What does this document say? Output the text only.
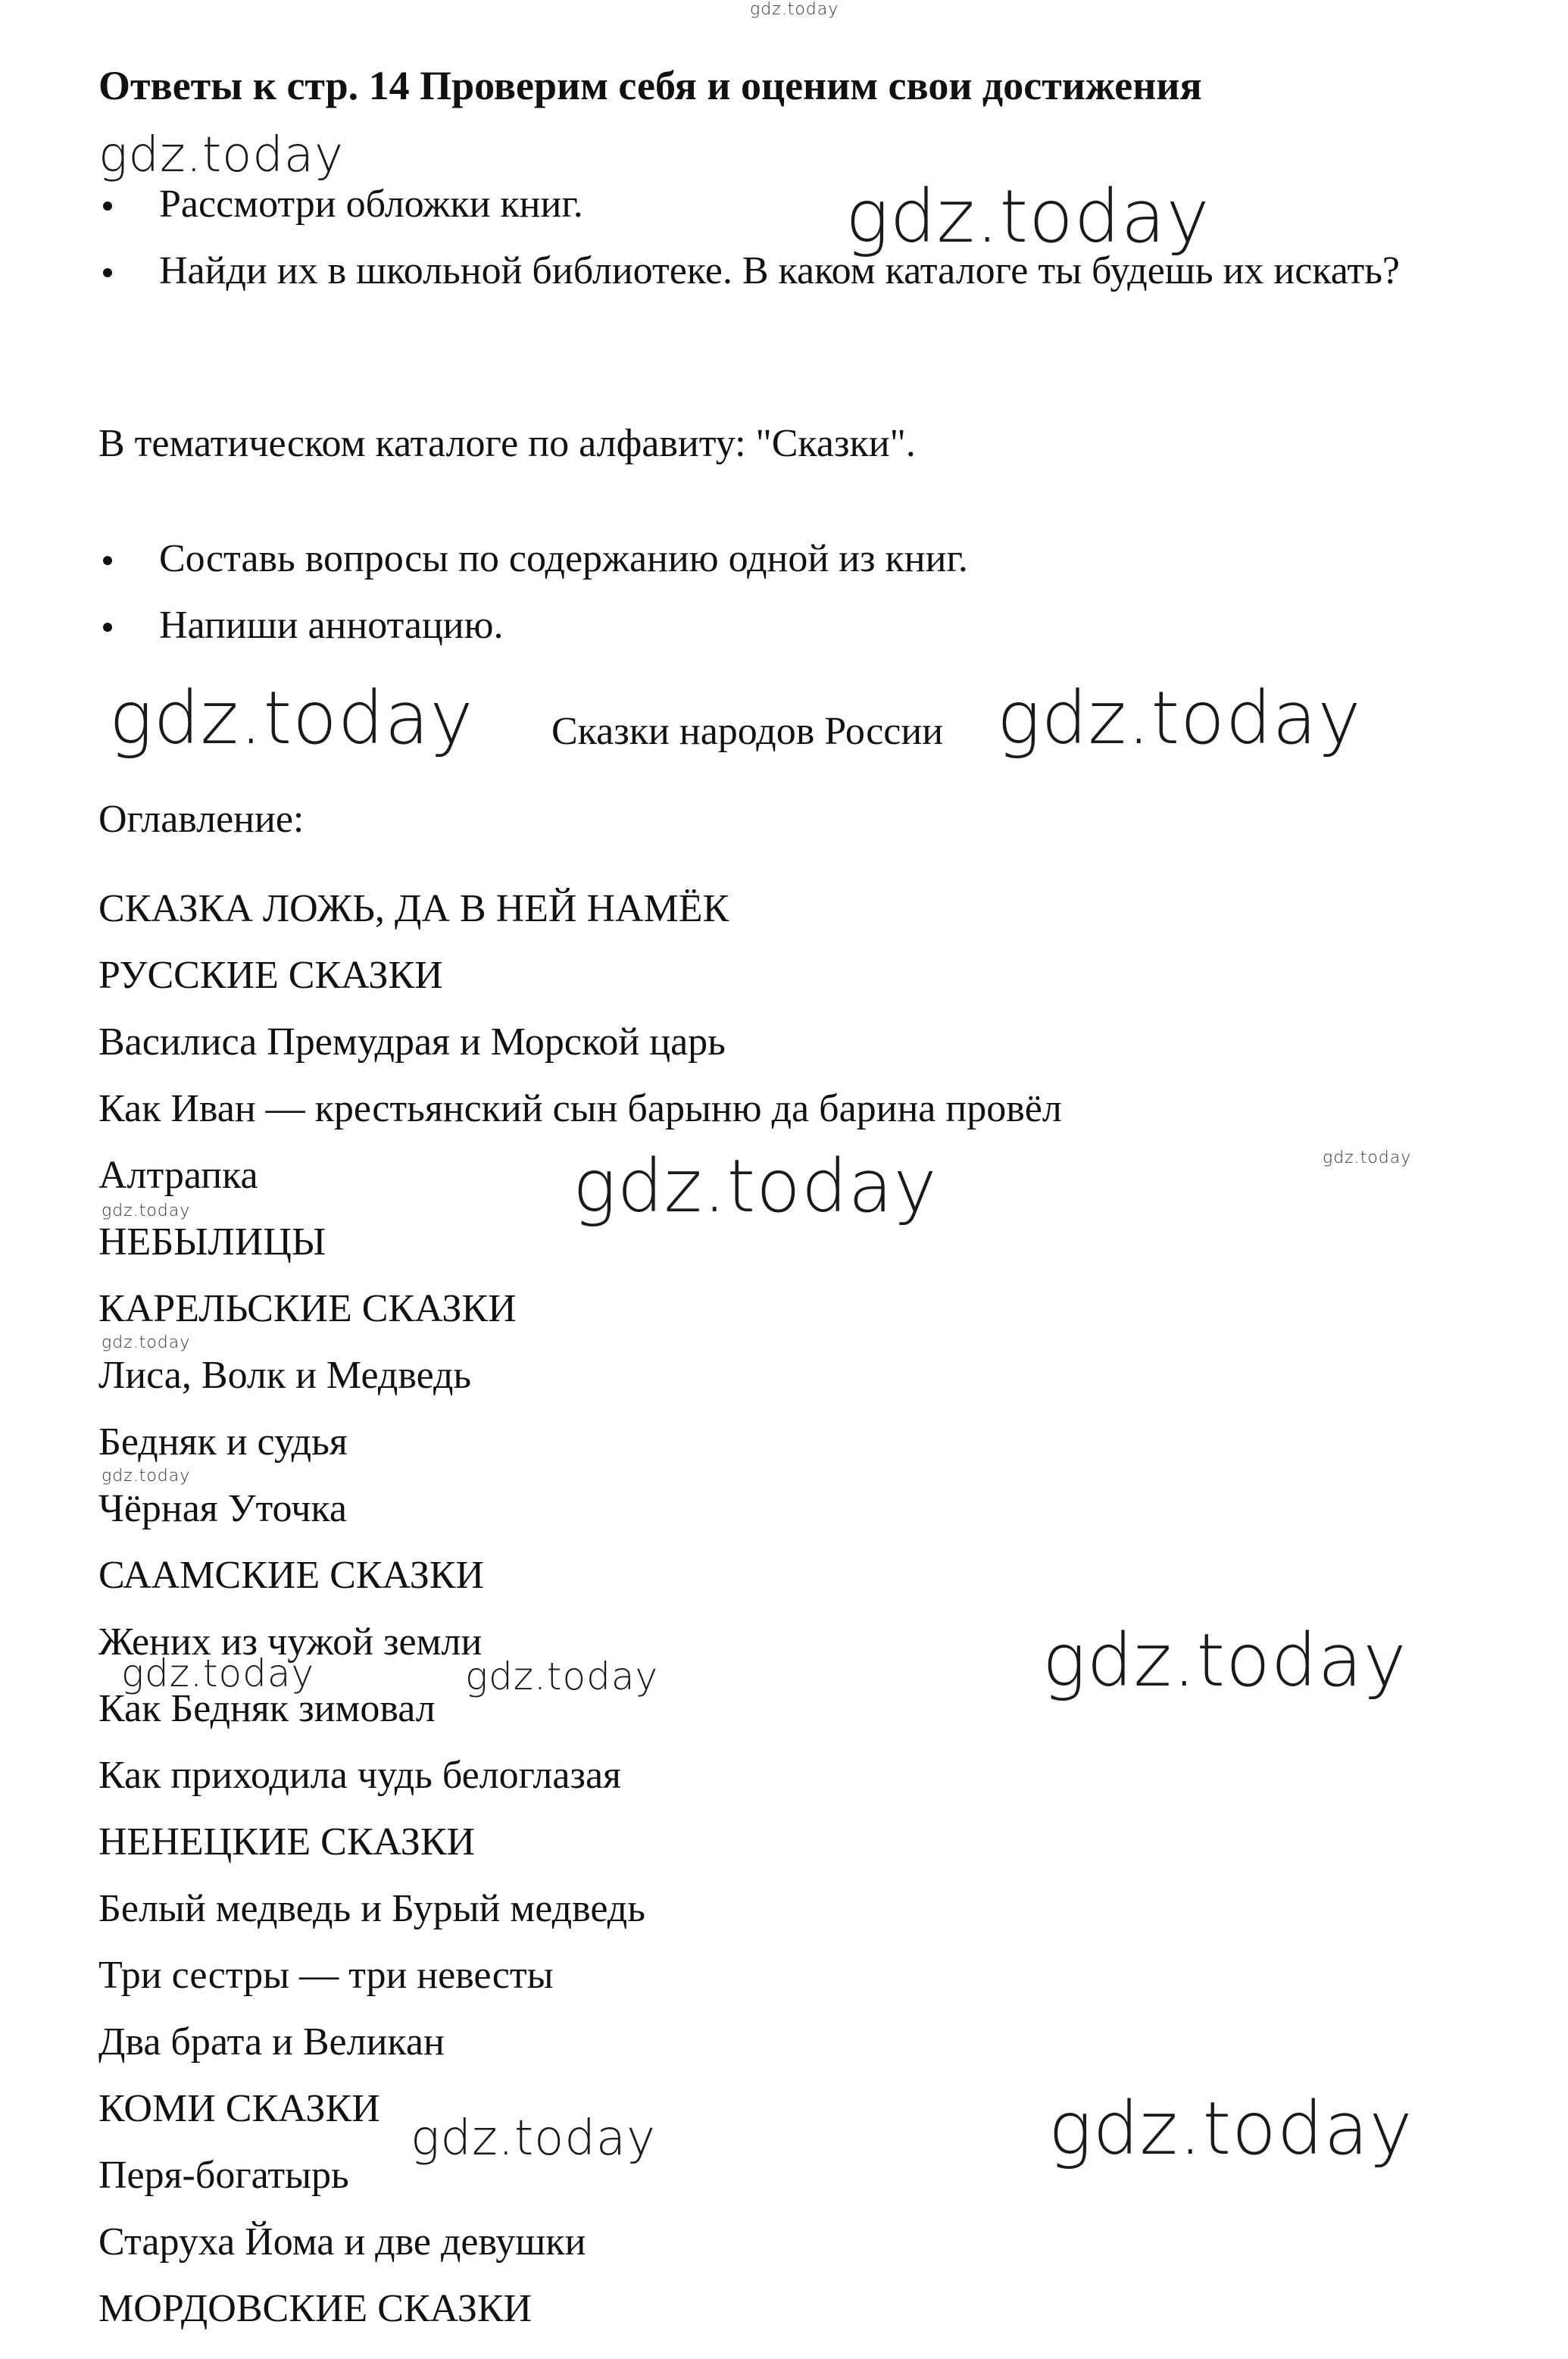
Ответы к стр. 14 Проверим себя и оценим свои достижения
Рассмотри обложки книг.
Найди их в школьной библиотеке. В каком каталоге ты будешь их искать?
В тематическом каталоге по алфавиту: "Сказки".
Составь вопросы по содержанию одной из книг.
Напиши аннотацию.
Сказки народов России
Оглавление:
СКАЗКА ЛОЖЬ, ДА В НЕЙ НАМЁК
РУССКИЕ СКАЗКИ
Василиса Премудрая и Морской царь
Как Иван — крестьянский сын барыню да барина провёл
Алтрапка
НЕБЫЛИЦЫ
КАРЕЛЬСКИЕ СКАЗКИ
Лиса, Волк и Медведь
Бедняк и судья
Чёрная Уточка
СААМСКИЕ СКАЗКИ
Жених из чужой земли
Как Бедняк зимовал
Как приходила чудь белоглазая
НЕНЕЦКИЕ СКАЗКИ
Белый медведь и Бурый медведь
Три сестры — три невесты
Два брата и Великан
КОМИ СКАЗКИ
Перя-богатырь
Старуха Йома и две девушки
МОРДОВСКИЕ СКАЗКИ
gdz.today
gdz.today
gdz.today
gdz.today	gdz.today
gdz.today	gdz.today
gdz.today
gdz.today
gdz.today
gdz.today
gdz.today	gdz.today
gdz.today	gdz.today
